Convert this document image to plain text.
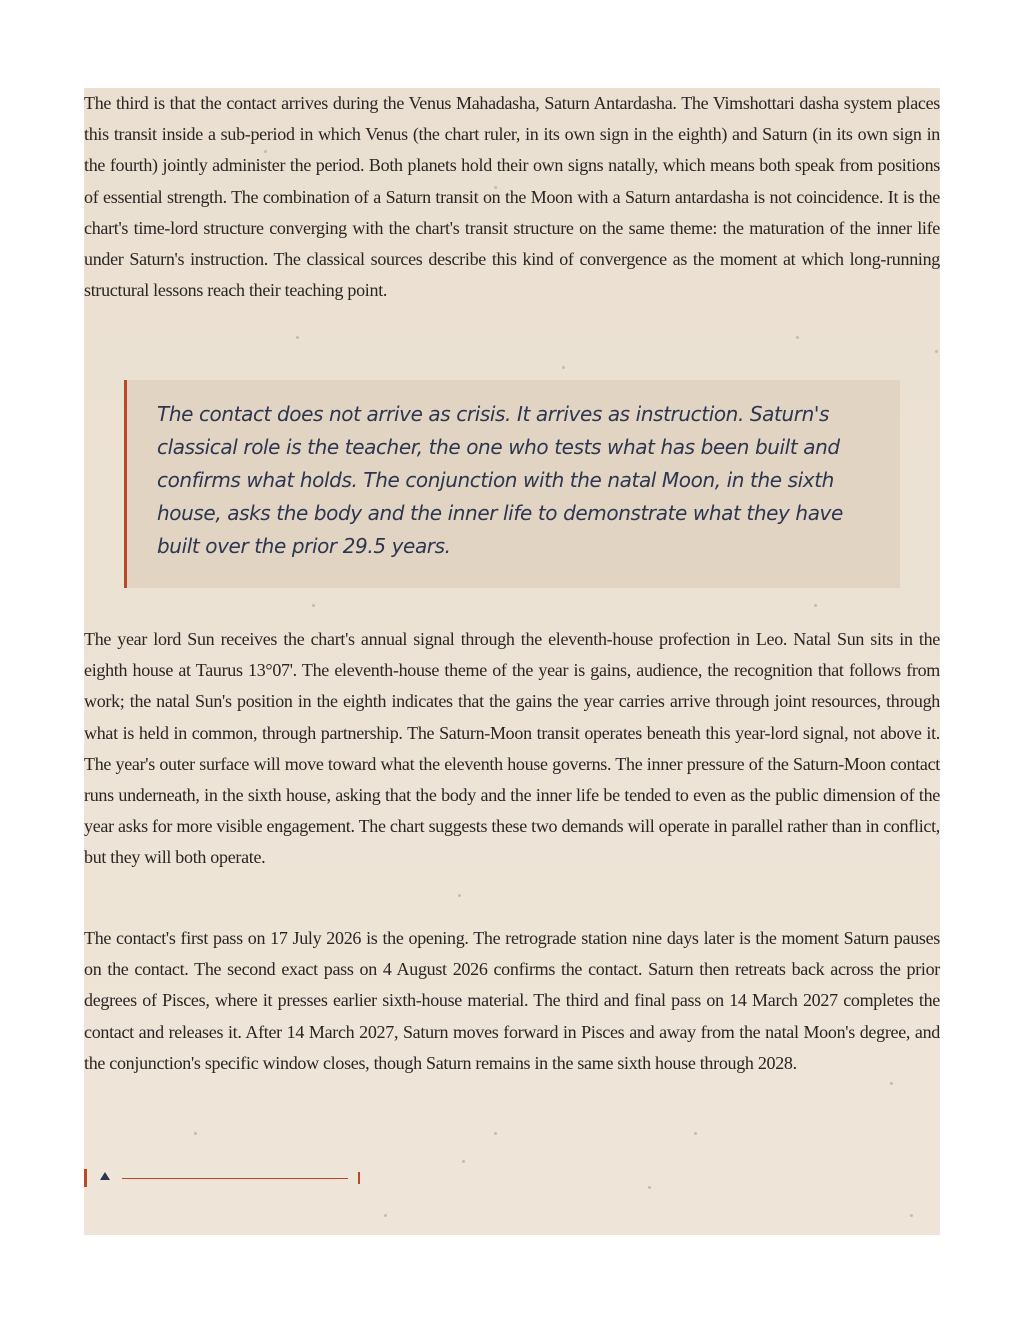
The third is that the contact arrives during the Venus Mahadasha, Saturn Antardasha. The Vimshottari dasha system places this transit inside a sub-period in which Venus (the chart ruler, in its own sign in the eighth) and Saturn (in its own sign in the fourth) jointly administer the period. Both planets hold their own signs natally, which means both speak from positions of essential strength. The combination of a Saturn transit on the Moon with a Saturn antardasha is not coincidence. It is the chart's time-lord structure converging with the chart's transit structure on the same theme: the maturation of the inner life under Saturn's instruction. The classical sources describe this kind of convergence as the moment at which long-running structural lessons reach their teaching point.

The contact does not arrive as crisis. It arrives as instruction. Saturn's classical role is the teacher, the one who tests what has been built and confirms what holds. The conjunction with the natal Moon, in the sixth house, asks the body and the inner life to demonstrate what they have built over the prior 29.5 years.

The year lord Sun receives the chart's annual signal through the eleventh-house profection in Leo. Natal Sun sits in the eighth house at Taurus 13°07'. The eleventh-house theme of the year is gains, audience, the recognition that follows from work; the natal Sun's position in the eighth indicates that the gains the year carries arrive through joint resources, through what is held in common, through partnership. The Saturn-Moon transit operates beneath this year-lord signal, not above it. The year's outer surface will move toward what the eleventh house governs. The inner pressure of the Saturn-Moon contact runs underneath, in the sixth house, asking that the body and the inner life be tended to even as the public dimension of the year asks for more visible engagement. The chart suggests these two demands will operate in parallel rather than in conflict, but they will both operate.

The contact's first pass on 17 July 2026 is the opening. The retrograde station nine days later is the moment Saturn pauses on the contact. The second exact pass on 4 August 2026 confirms the contact. Saturn then retreats back across the prior degrees of Pisces, where it presses earlier sixth-house material. The third and final pass on 14 March 2027 completes the contact and releases it. After 14 March 2027, Saturn moves forward in Pisces and away from the natal Moon's degree, and the conjunction's specific window closes, though Saturn remains in the same sixth house through 2028.
